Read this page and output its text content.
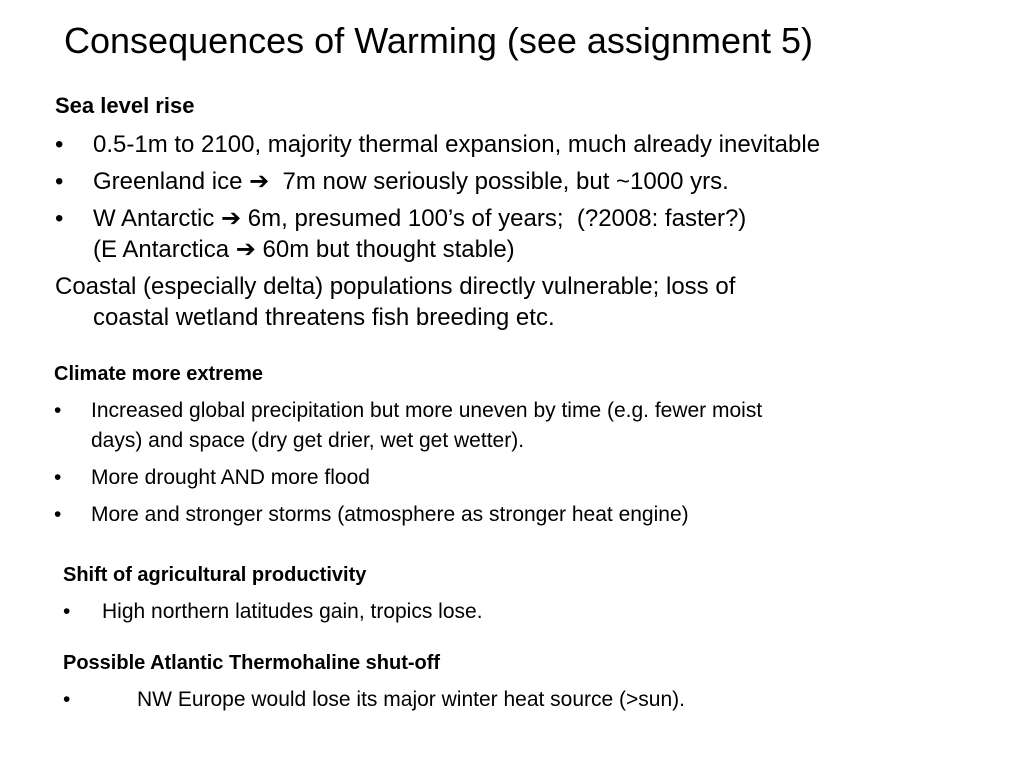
Consequences of Warming (see assignment 5)
Sea level rise
• 0.5-1m to 2100, majority thermal expansion, much already inevitable
• Greenland ice ➔  7m now seriously possible, but ~1000 yrs.
• W Antarctic ➔ 6m, presumed 100’s of years;  (?2008: faster?)
(E Antarctica ➔ 60m but thought stable)
Coastal (especially delta) populations directly vulnerable; loss of
coastal wetland threatens fish breeding etc.
Climate more extreme
• Increased global precipitation but more uneven by time (e.g. fewer moist
days) and space (dry get drier, wet get wetter).
• More drought AND more flood
• More and stronger storms (atmosphere as stronger heat engine)
Shift of agricultural productivity
• High northern latitudes gain, tropics lose.
Possible Atlantic Thermohaline shut-off
•	NW Europe would lose its major winter heat source (>sun).
